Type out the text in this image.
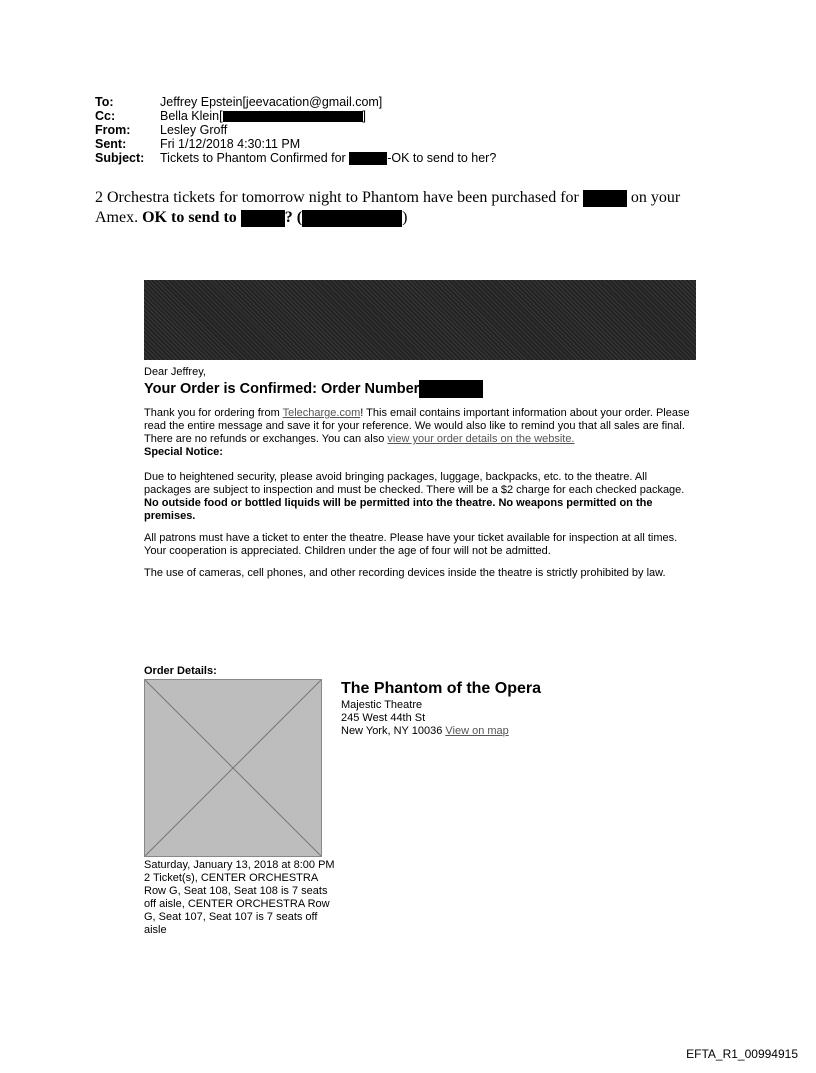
To:	Jeffrey Epstein[jeevacation@gmail.com]
Cc:	Bella Klein[	]
From:	Lesley Groff
Sent:	Fri 1/12/2018 4:30:11 PM
Subject:	Tickets to Phantom Confirmed for	-OK to send to her?
2 Orchestra tickets for tomorrow night to Phantom have been purchased for	on your
Amex. OK to send to	? (	)
Dear Jeffrey,
Your Order is Confirmed: Order Number

Thank you for ordering from Telecharge.com! This email contains important information about your order. Please read the entire message and save it for your reference. We would also like to remind you that all sales are final. There are no refunds or exchanges. You can also view your order details on the website.

Special Notice:

Due to heightened security, please avoid bringing packages, luggage, backpacks, etc. to the theatre. All packages are subject to inspection and must be checked. There will be a $2 charge for each checked package. No outside food or bottled liquids will be permitted into the theatre. No weapons permitted on the premises.

All patrons must have a ticket to enter the theatre. Please have your ticket available for inspection at all times. Your cooperation is appreciated. Children under the age of four will not be admitted.

The use of cameras, cell phones, and other recording devices inside the theatre is strictly prohibited by law.

Order Details:
The Phantom of the Opera
Majestic Theatre
245 West 44th St
New York, NY 10036 View on map
Saturday, January 13, 2018 at 8:00 PM
2 Ticket(s), CENTER ORCHESTRA Row G, Seat 108, Seat 108 is 7 seats off aisle, CENTER ORCHESTRA Row G, Seat 107, Seat 107 is 7 seats off aisle
EFTA_R1_00994915
